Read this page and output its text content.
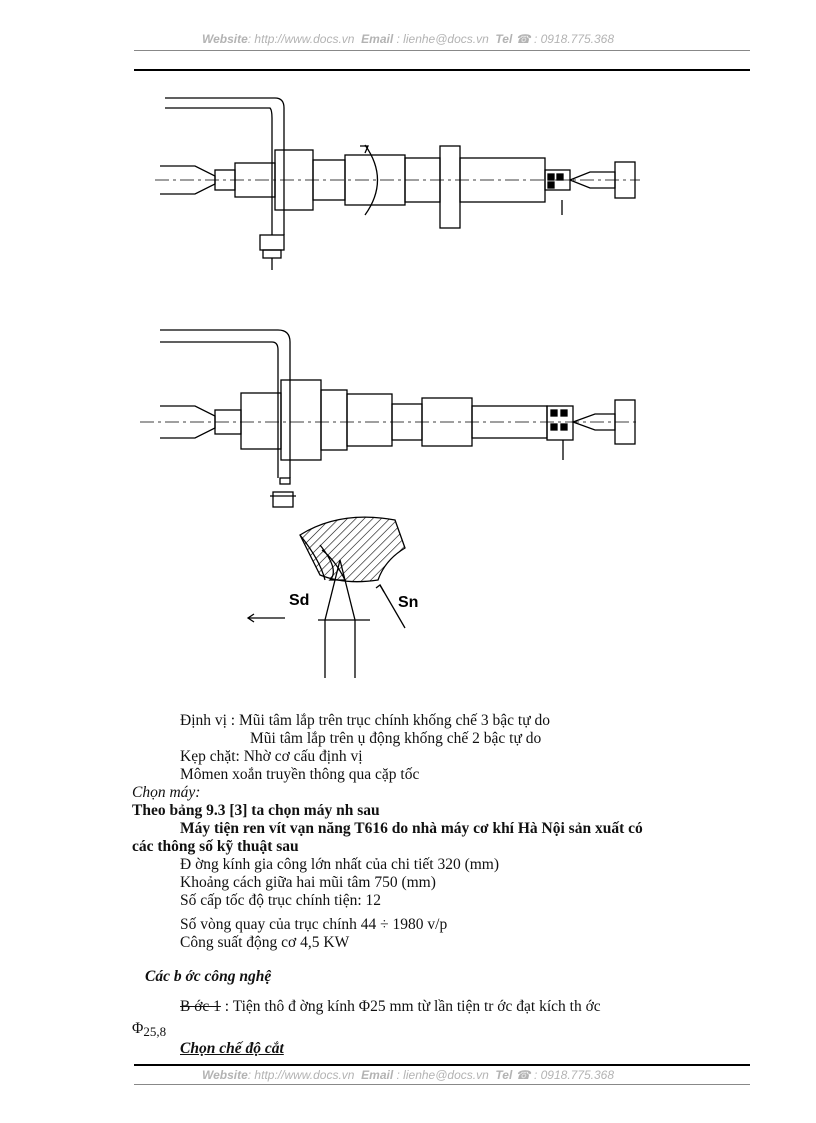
Website: http://www.docs.vn Email : lienhe@docs.vn Tel ☎ : 0918.775.368
Sd	Sn
Định vị : Mũi tâm lắp trên trục chính khống chế 3 bậc tự do
Mũi tâm lắp trên ụ động khống chế 2 bậc tự do
Kẹp chặt: Nhờ cơ cấu định vị
Mômen xoắn truyền thông qua cặp tốc
Chọn máy:
Theo bảng 9.3 [3] ta chọn máy nh sau
Máy tiện ren vít vạn năng T616 do nhà máy cơ khí Hà Nội sản xuất có
các thông số kỹ thuật sau
Đ ờng kính gia công lớn nhất của chi tiết 320 (mm)
Khoảng cách giữa hai mũi tâm 750 (mm)
Số cấp tốc độ trục chính tiện: 12
Số vòng quay của trục chính 44 ÷ 1980 v/p
Công suất động cơ 4,5 KW
Các b ớc công nghệ
B ớc 1 : Tiện thô đ ờng kính Φ25 mm từ lần tiện tr ớc đạt kích th ớc
Φ25,8
Chọn chế độ cắt
Website: http://www.docs.vn Email : lienhe@docs.vn Tel ☎ : 0918.775.368
